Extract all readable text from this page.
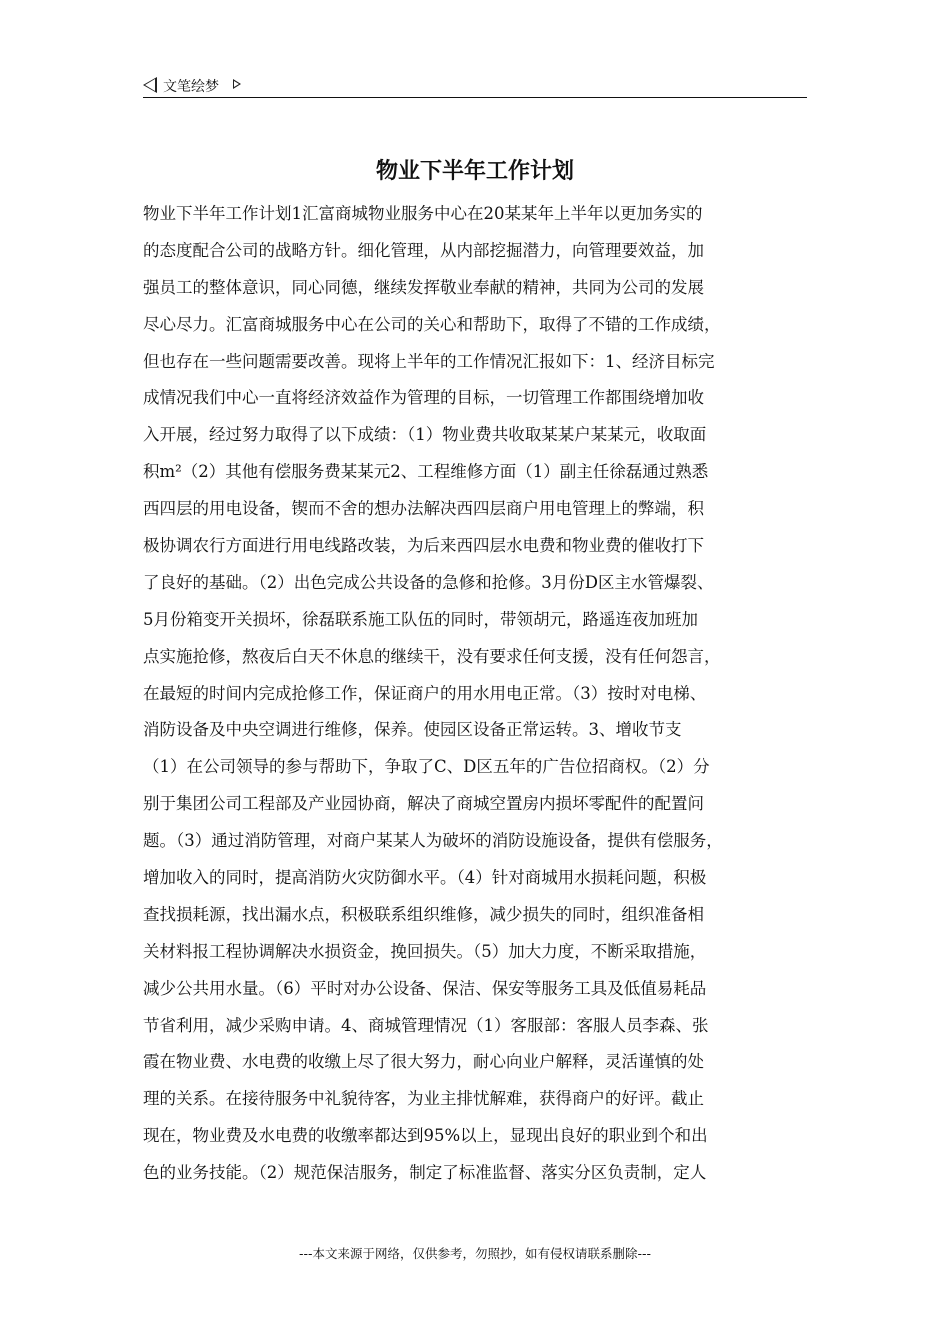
文笔绘梦
物业下半年工作计划
物业下半年工作计划1汇富商城物业服务中心在20某某年上半年以更加务实的
的态度配合公司的战略方针。细化管理，从内部挖掘潜力，向管理要效益，加
强员工的整体意识，同心同德，继续发挥敬业奉献的精神，共同为公司的发展
尽心尽力。汇富商城服务中心在公司的关心和帮助下，取得了不错的工作成绩，
但也存在一些问题需要改善。现将上半年的工作情况汇报如下：1、经济目标完
成情况我们中心一直将经济效益作为管理的目标，一切管理工作都围绕增加收
入开展，经过努力取得了以下成绩：（1）物业费共收取某某户某某元，收取面
积m²（2）其他有偿服务费某某元2、工程维修方面（1）副主任徐磊通过熟悉
西四层的用电设备，锲而不舍的想办法解决西四层商户用电管理上的弊端，积
极协调农行方面进行用电线路改装，为后来西四层水电费和物业费的催收打下
了良好的基础。（2）出色完成公共设备的急修和抢修。3月份D区主水管爆裂、
5月份箱变开关损坏，徐磊联系施工队伍的同时，带领胡元，路遥连夜加班加
点实施抢修，熬夜后白天不休息的继续干，没有要求任何支援，没有任何怨言，
在最短的时间内完成抢修工作，保证商户的用水用电正常。（3）按时对电梯、
消防设备及中央空调进行维修，保养。使园区设备正常运转。3、增收节支
（1）在公司领导的参与帮助下，争取了C、D区五年的广告位招商权。（2）分
别于集团公司工程部及产业园协商，解决了商城空置房内损坏零配件的配置问
题。（3）通过消防管理，对商户某某人为破坏的消防设施设备，提供有偿服务，
增加收入的同时，提高消防火灾防御水平。（4）针对商城用水损耗问题，积极
查找损耗源，找出漏水点，积极联系组织维修，减少损失的同时，组织准备相
关材料报工程协调解决水损资金，挽回损失。（5）加大力度，不断采取措施，
减少公共用水量。（6）平时对办公设备、保洁、保安等服务工具及低值易耗品
节省利用，减少采购申请。4、商城管理情况（1）客服部：客服人员李森、张
霞在物业费、水电费的收缴上尽了很大努力，耐心向业户解释，灵活谨慎的处
理的关系。在接待服务中礼貌待客，为业主排忧解难，获得商户的好评。截止
现在，物业费及水电费的收缴率都达到95%以上，显现出良好的职业到个和出
色的业务技能。（2）规范保洁服务，制定了标准监督、落实分区负责制，定人
---本文来源于网络，仅供参考，勿照抄，如有侵权请联系删除---
